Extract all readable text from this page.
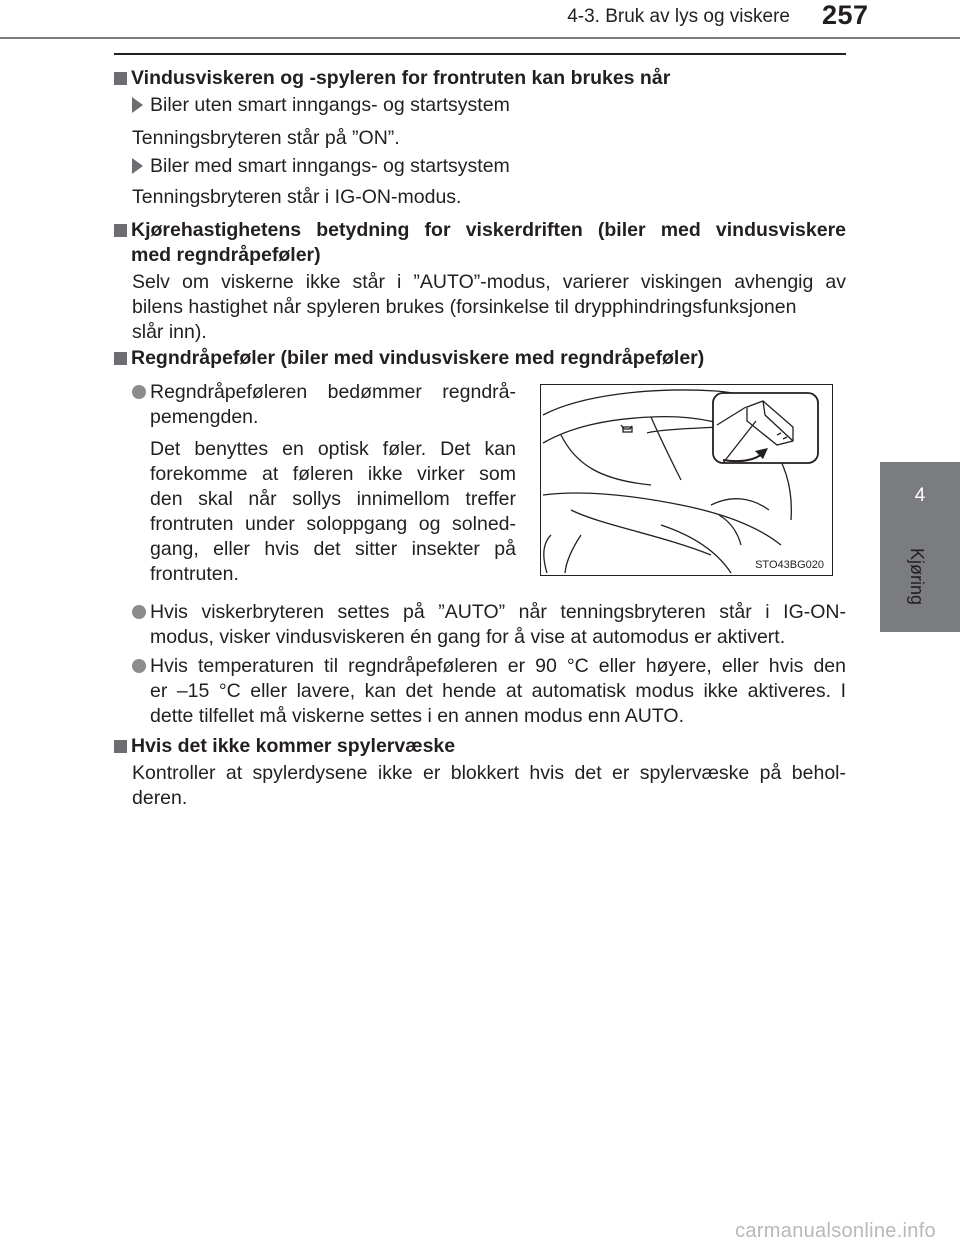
4-3. Bruk av lys og viskere 257
4
Kjøring
Vindusviskeren og -spyleren for frontruten kan brukes når
Biler uten smart inngangs- og startsystem
Tenningsbryteren står på ”ON”.
Biler med smart inngangs- og startsystem
Tenningsbryteren står i IG-ON-modus.
Kjørehastighetens betydning for viskerdriften (biler med vindusviskere
med regndråpeføler)
Selv om viskerne ikke står i ”AUTO”-modus, varierer viskingen avhengig av
bilens hastighet når spyleren brukes (forsinkelse til drypphindringsfunksjonen
slår inn).
Regndråpeføler (biler med vindusviskere med regndråpeføler)
Regndråpeføleren bedømmer regndrå-
pemengden.
Det benyttes en optisk føler. Det kan
forekomme at føleren ikke virker som
den skal når sollys innimellom treffer
frontruten under soloppgang og solned-
gang, eller hvis det sitter insekter på
frontruten.	STO43BG020
Hvis viskerbryteren settes på ”AUTO” når tenningsbryteren står i IG-ON-
modus, visker vindusviskeren én gang for å vise at automodus er aktivert.
Hvis temperaturen til regndråpeføleren er 90 °C eller høyere, eller hvis den
er –15 °C eller lavere, kan det hende at automatisk modus ikke aktiveres. I
dette tilfellet må viskerne settes i en annen modus enn AUTO.
Hvis det ikke kommer spylervæske
Kontroller at spylerdysene ikke er blokkert hvis det er spylervæske på behol-
deren.
carmanualsonline.info
